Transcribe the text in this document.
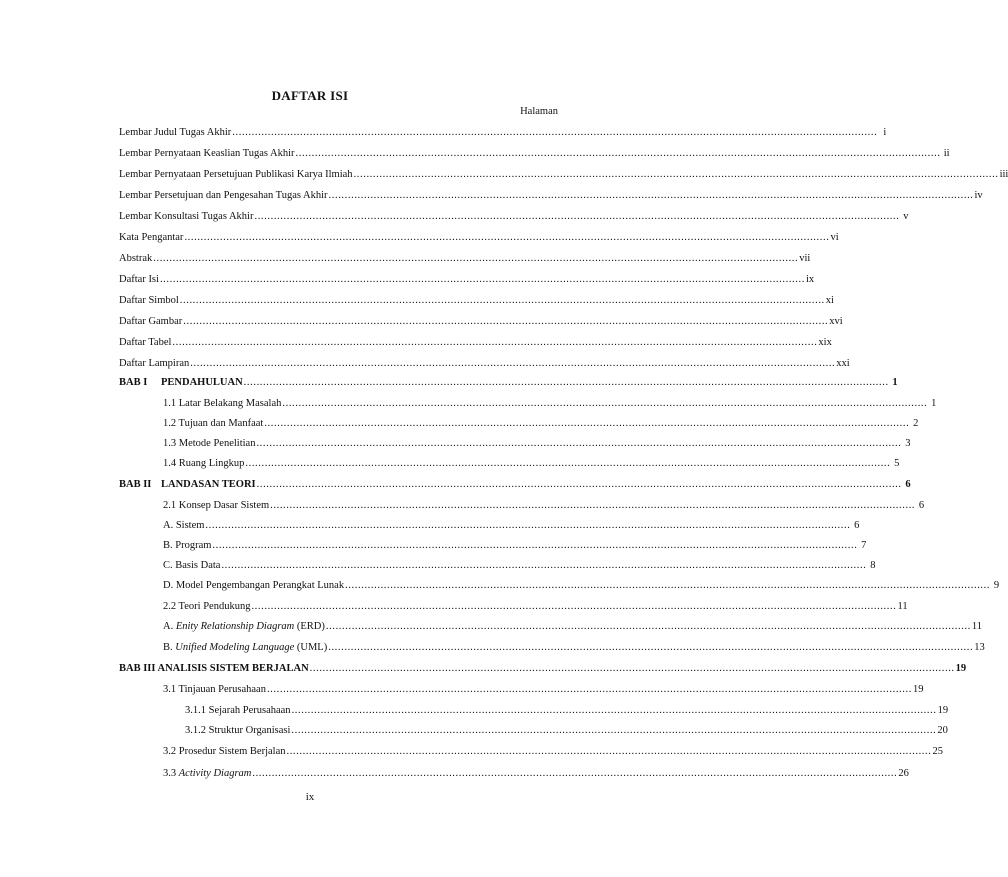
DAFTAR ISI
Halaman
Lembar Judul Tugas Akhir ........................................................................................................................................................................................................ i
Lembar Pernyataan Keaslian Tugas Akhir ........................................................................................................................................................................................................ ii
Lembar Pernyataan Persetujuan Publikasi Karya Ilmiah ........................................................................................................................................................................................................ iii
Lembar Persetujuan dan Pengesahan Tugas Akhir ........................................................................................................................................................................................................ iv
Lembar Konsultasi Tugas Akhir ........................................................................................................................................................................................................ v
Kata Pengantar ........................................................................................................................................................................................................ vi
Abstrak ........................................................................................................................................................................................................ vii
Daftar Isi ........................................................................................................................................................................................................ ix
Daftar Simbol ........................................................................................................................................................................................................ xi
Daftar Gambar ........................................................................................................................................................................................................ xvi
Daftar Tabel ........................................................................................................................................................................................................ xix
Daftar Lampiran ........................................................................................................................................................................................................ xxi
BAB I PENDAHULUAN ........................................................................................................................................................................................................ 1
1.1 Latar Belakang Masalah ........................................................................................................................................................................................................ 1
1.2 Tujuan dan Manfaat ........................................................................................................................................................................................................ 2
1.3 Metode Penelitian ........................................................................................................................................................................................................ 3
1.4 Ruang Lingkup ........................................................................................................................................................................................................ 5
BAB II LANDASAN TEORI ........................................................................................................................................................................................................ 6
2.1 Konsep Dasar Sistem ........................................................................................................................................................................................................ 6
A. Sistem ........................................................................................................................................................................................................ 6
B. Program ........................................................................................................................................................................................................ 7
C. Basis Data ........................................................................................................................................................................................................ 8
D. Model Pengembangan Perangkat Lunak ........................................................................................................................................................................................................ 9
2.2 Teori Pendukung ........................................................................................................................................................................................................ 11
A. Enity Relationship Diagram (ERD) ........................................................................................................................................................................................................ 11
B. Unified Modeling Language (UML) ........................................................................................................................................................................................................ 13
BAB III ANALISIS SISTEM BERJALAN ........................................................................................................................................................................................................ 19
3.1 Tinjauan Perusahaan ........................................................................................................................................................................................................ 19
3.1.1 Sejarah Perusahaan ........................................................................................................................................................................................................ 19
3.1.2 Struktur Organisasi ........................................................................................................................................................................................................ 20
3.2 Prosedur Sistem Berjalan ........................................................................................................................................................................................................ 25
3.3 Activity Diagram ........................................................................................................................................................................................................ 26
ix
